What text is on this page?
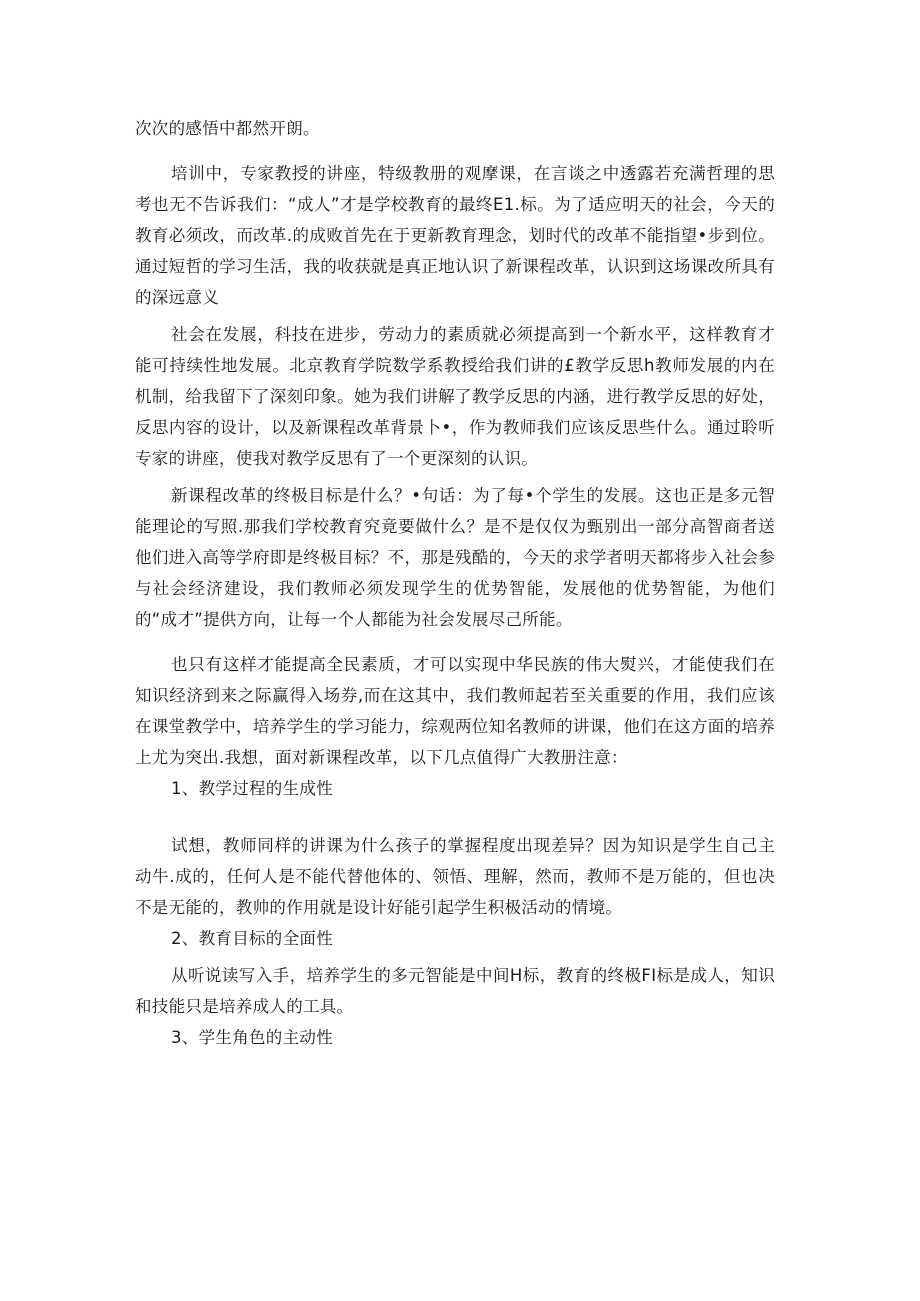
次次的感悟中都然开朗。

培训中，专家教授的讲座，特级教册的观摩课，在言谈之中透露若充满哲理的思考也无不告诉我们：“成人”才是学校教育的最终E1.标。为了适应明天的社会，今天的教育必须改，而改革.的成败首先在于更新教育理念，划时代的改革不能指望•步到位。通过短哲的学习生活，我的收获就是真正地认识了新课程改革，认识到这场课改所具有的深远意义

社会在发展，科技在进步，劳动力的素质就必须提高到一个新水平，这样教育才能可持续性地发展。北京教育学院数学系教授给我们讲的£教学反思h教师发展的内在机制，给我留下了深刻印象。她为我们讲解了教学反思的内涵，进行教学反思的好处，反思内容的设计，以及新课程改革背景卜•，作为教师我们应该反思些什么。通过聆听专家的讲座，使我对教学反思有了一个更深刻的认识。

新课程改革的终极目标是什么？•句话：为了每•个学生的发展。这也正是多元智能理论的写照.那我们学校教育究竟要做什么？是不是仅仅为甄别出一部分高智商者送他们进入高等学府即是终极目标？不，那是残酷的，今天的求学者明天都将步入社会参与社会经济建设，我们教师必须发现学生的优势智能，发展他的优势智能，为他们的“成才”提供方向，让每一个人都能为社会发展尽己所能。

也只有这样才能提高全民素质，才可以实现中华民族的伟大熨兴，才能使我们在知识经济到来之际赢得入场券,而在这其中，我们教师起若至关重要的作用，我们应该在课堂教学中，培养学生的学习能力，综观两位知名教师的讲课，他们在这方面的培养上尤为突出.我想，面对新课程改革，以下几点值得广大教册注意：

1、教学过程的生成性

试想，教师同样的讲课为什么孩子的掌握程度出现差异？因为知识是学生自己主动牛.成的，任何人是不能代替他体的、领悟、理解，然而，教师不是万能的，但也决不是无能的，教帅的作用就是设计好能引起学生积极活动的情境。

2、教育目标的全面性

从听说读写入手，培养学生的多元智能是中间H标，教育的终极FI标是成人，知识和技能只是培养成人的工具。

3、学生角色的主动性
